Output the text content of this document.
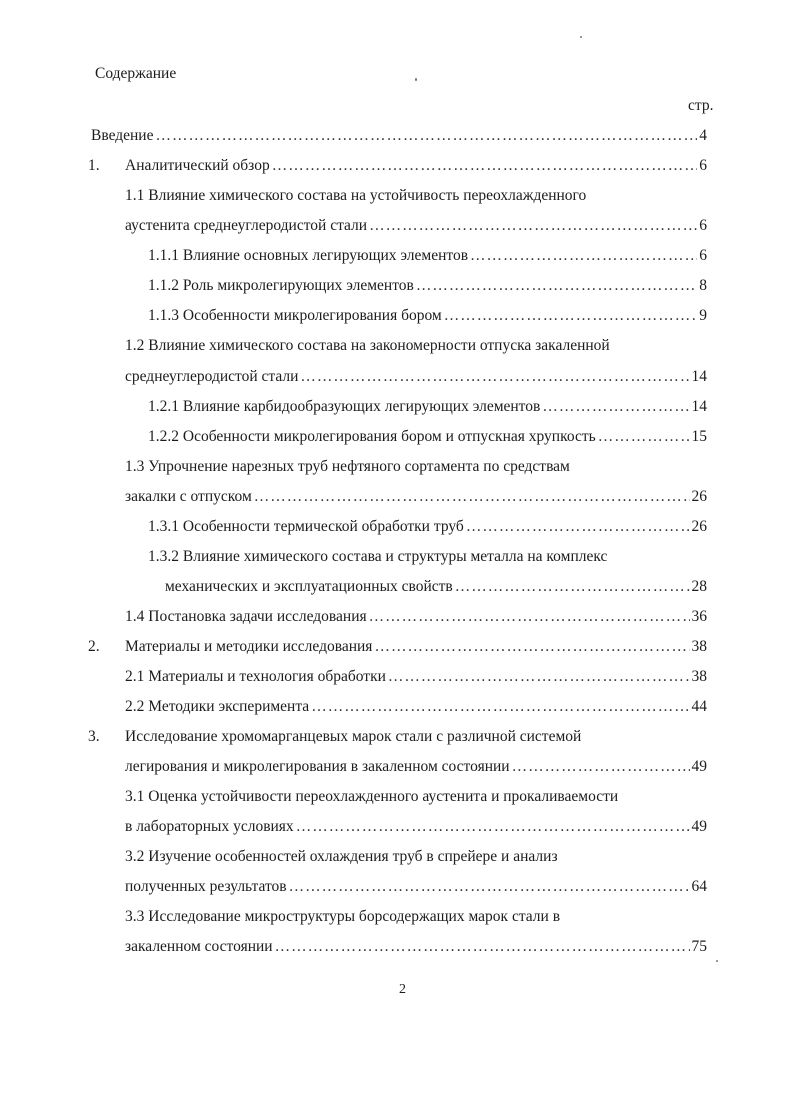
Содержание
стр.
Введение ……………………………………………………………………………………………………………………………………………………………	4
1. Аналитический обзор ……………………………………………………………………………………………………………………………………………………………	6
1.1 Влияние химического состава на устойчивость переохлажденного
аустенита среднеуглеродистой стали ……………………………………………………………………………………………………………………………………………………………	6
1.1.1 Влияние основных легирующих элементов ……………………………………………………………………………………………………………………………………………………………	6
1.1.2 Роль микролегирующих элементов ……………………………………………………………………………………………………………………………………………………………	8
1.1.3 Особенности микролегирования бором ……………………………………………………………………………………………………………………………………………………………	9
1.2 Влияние химического состава на закономерности отпуска закаленной
среднеуглеродистой стали ……………………………………………………………………………………………………………………………………………………………	14
1.2.1 Влияние карбидообразующих легирующих элементов ……………………………………………………………………………………………………………………………………………………………	14
1.2.2 Особенности микролегирования бором и отпускная хрупкость ……………………………………………………………………………………………………………………………………………………………	15
1.3 Упрочнение нарезных труб нефтяного сортамента по средствам
закалки с отпуском ……………………………………………………………………………………………………………………………………………………………	26
1.3.1 Особенности термической обработки труб ……………………………………………………………………………………………………………………………………………………………	26
1.3.2 Влияние химического состава и структуры металла на комплекс
механических и эксплуатационных свойств ……………………………………………………………………………………………………………………………………………………………	28
1.4 Постановка задачи исследования ……………………………………………………………………………………………………………………………………………………………	36
2. Материалы и методики исследования ……………………………………………………………………………………………………………………………………………………………	38
2.1 Материалы и технология обработки ……………………………………………………………………………………………………………………………………………………………	38
2.2 Методики эксперимента ……………………………………………………………………………………………………………………………………………………………	44
3. Исследование хромомарганцевых марок стали с различной системой
легирования и микролегирования в закаленном состоянии ……………………………………………………………………………………………………………………………………………………………	49
3.1 Оценка устойчивости переохлажденного аустенита и прокаливаемости
в лабораторных условиях ……………………………………………………………………………………………………………………………………………………………	49
3.2 Изучение особенностей охлаждения труб в спрейере и анализ
полученных результатов ……………………………………………………………………………………………………………………………………………………………	64
3.3 Исследование микроструктуры борсодержащих марок стали в
закаленном состоянии ……………………………………………………………………………………………………………………………………………………………	75
2
